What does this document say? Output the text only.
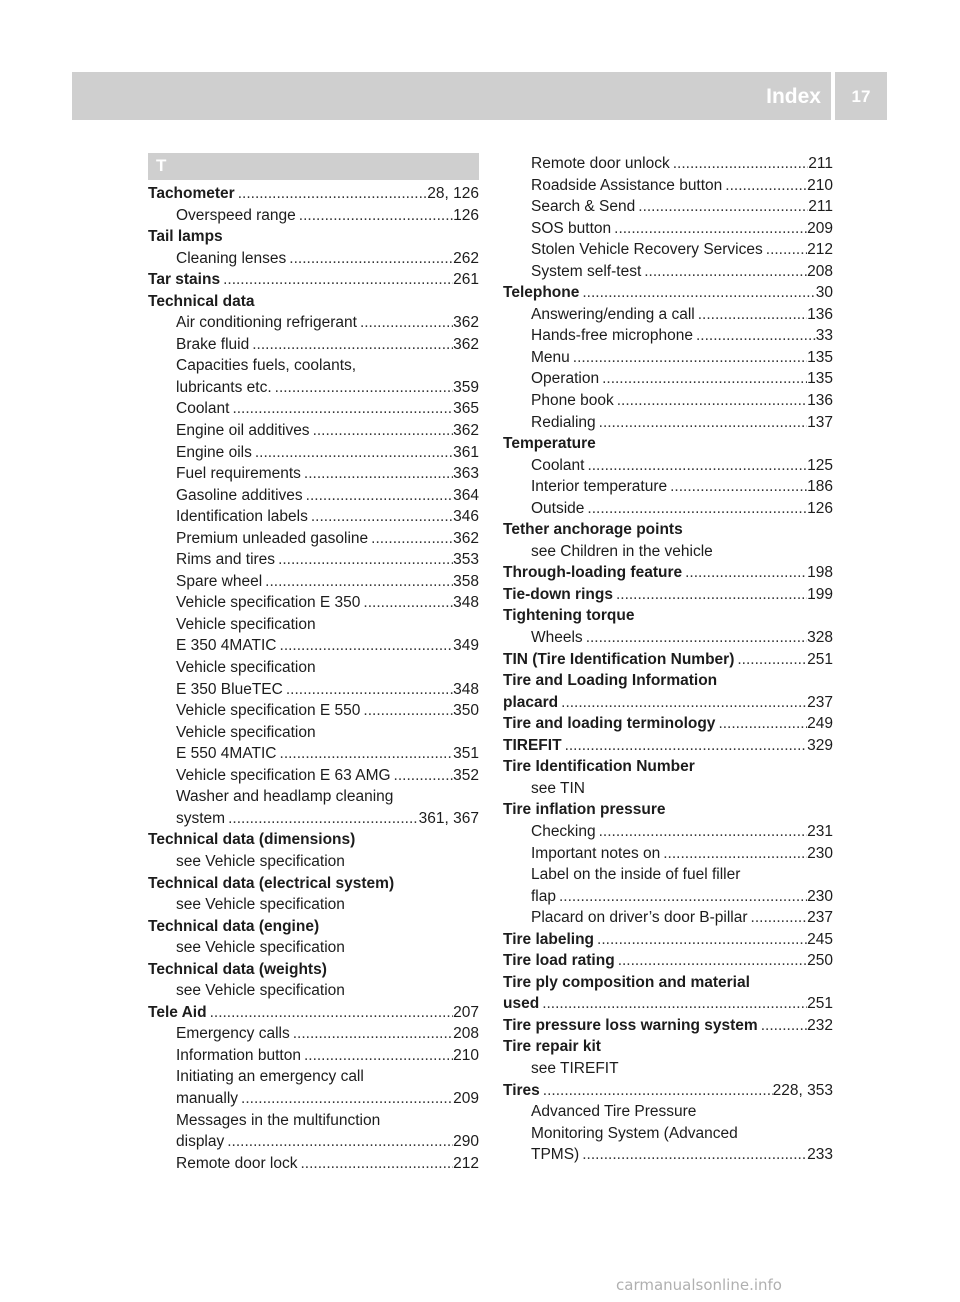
Index	17
T
Tachometer .....	28, 126
Overspeed range .....	126
Tail lamps
Cleaning lenses .....	262
Tar stains .....	261
Technical data
Air conditioning refrigerant .....	362
Brake fluid .....	362
Capacities fuels, coolants,
lubricants etc. .....	359
Coolant .....	365
Engine oil additives .....	362
Engine oils .....	361
Fuel requirements .....	363
Gasoline additives .....	364
Identification labels .....	346
Premium unleaded gasoline .....	362
Rims and tires .....	353
Spare wheel .....	358
Vehicle specification E 350 .....	348
Vehicle specification
E 350 4MATIC .....	349
Vehicle specification
E 350 BlueTEC .....	348
Vehicle specification E 550 .....	350
Vehicle specification
E 550 4MATIC .....	351
Vehicle specification E 63 AMG .....	352
Washer and headlamp cleaning
system .....	361, 367
Technical data (dimensions)
see Vehicle specification
Technical data (electrical system)
see Vehicle specification
Technical data (engine)
see Vehicle specification
Technical data (weights)
see Vehicle specification
Tele Aid .....	207
Emergency calls .....	208
Information button .....	210
Initiating an emergency call
manually .....	209
Messages in the multifunction
display .....	290
Remote door lock .....	212
Remote door unlock .....	211
Roadside Assistance button .....	210
Search & Send .....	211
SOS button .....	209
Stolen Vehicle Recovery Services .....	212
System self-test .....	208
Telephone .....	30
Answering/ending a call .....	136
Hands-free microphone .....	33
Menu .....	135
Operation .....	135
Phone book .....	136
Redialing .....	137
Temperature
Coolant .....	125
Interior temperature .....	186
Outside .....	126
Tether anchorage points
see Children in the vehicle
Through-loading feature .....	198
Tie-down rings .....	199
Tightening torque
Wheels .....	328
TIN (Tire Identification Number) .....	251
Tire and Loading Information
placard .....	237
Tire and loading terminology .....	249
TIREFIT .....	329
Tire Identification Number
see TIN
Tire inflation pressure
Checking .....	231
Important notes on .....	230
Label on the inside of fuel filler
flap .....	230
Placard on driver’s door B-pillar .....	237
Tire labeling .....	245
Tire load rating .....	250
Tire ply composition and material
used .....	251
Tire pressure loss warning system .....	232
Tire repair kit
see TIREFIT
Tires .....	228, 353
Advanced Tire Pressure
Monitoring System (Advanced
TPMS) .....	233
carmanualsonline.info
